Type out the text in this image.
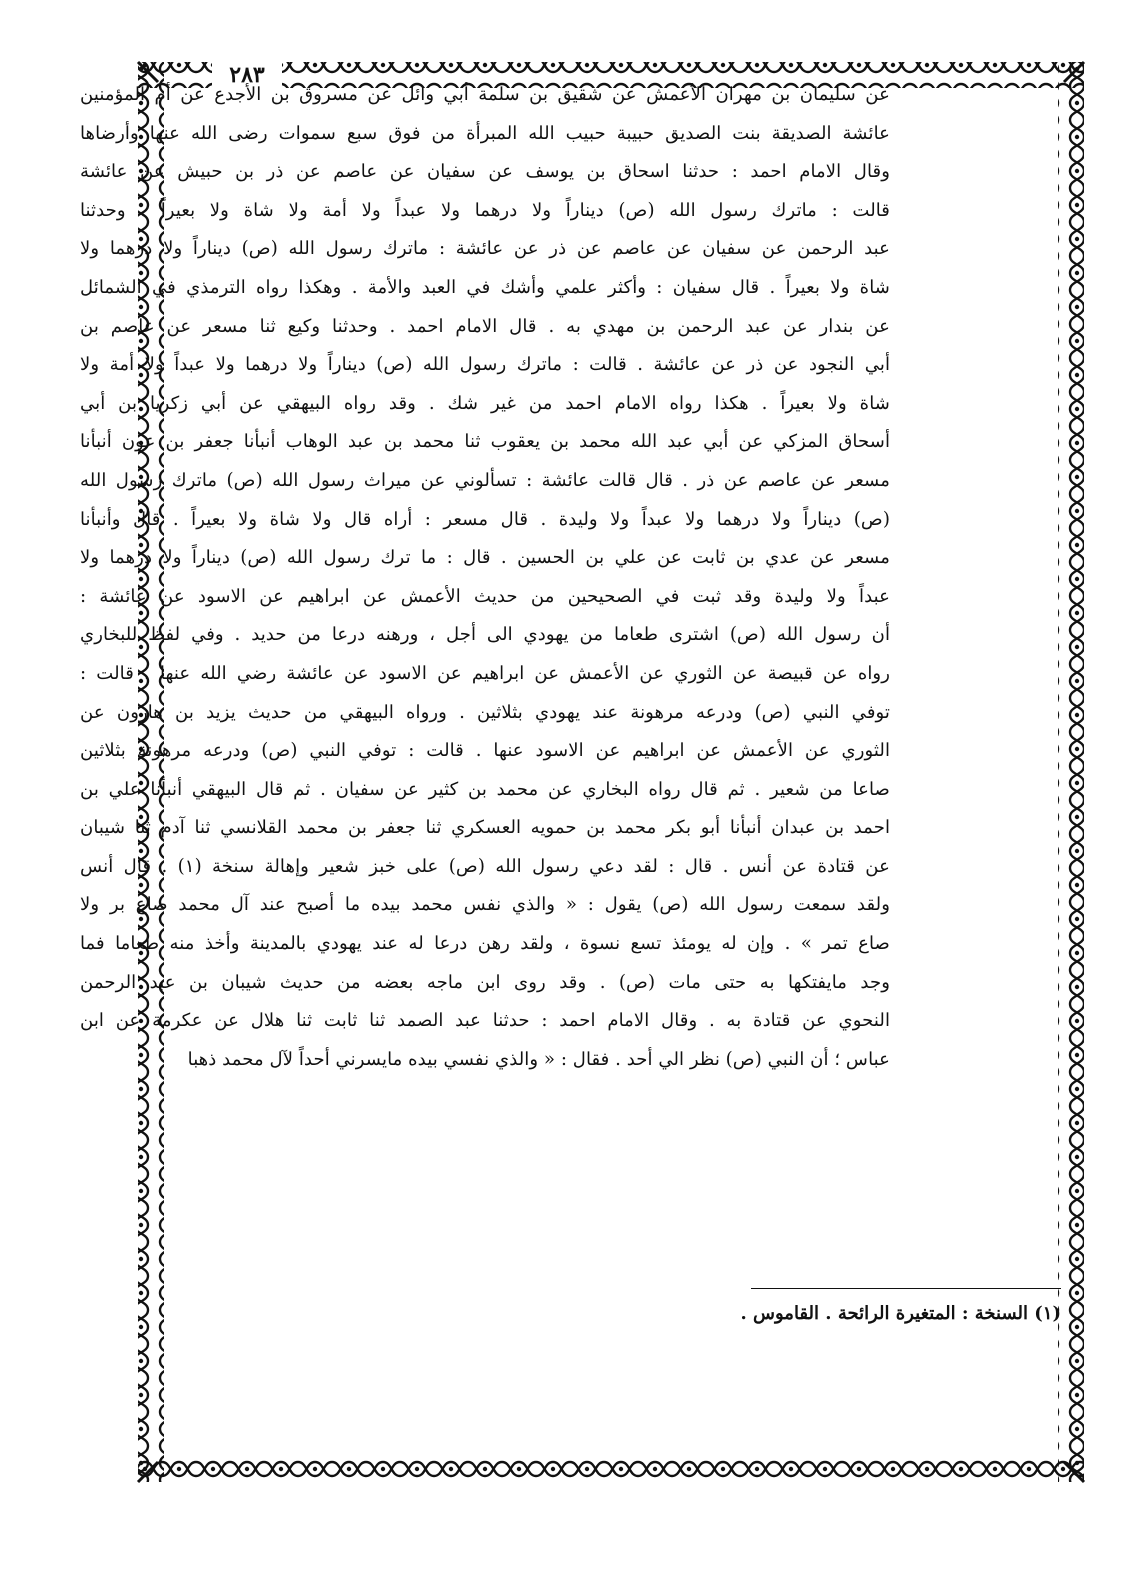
٢٨٣
عن سليمان بن مهران الأعمش عن شقيق بن سلمة أبي وائل عن مسروق بن الأجدع عن أم المؤمنين
عائشة الصديقة بنت الصديق حبيبة حبيب الله المبرأة من فوق سبع سموات رضى الله عنها وأرضاها
وقال الامام احمد : حدثنا اسحاق بن يوسف عن سفيان عن عاصم عن ذر بن حبيش عن عائشة
قالت : ماترك رسول الله (ص) ديناراً ولا درهما ولا عبداً ولا أمة ولا شاة ولا بعيراً . وحدثنا
عبد الرحمن عن سفيان عن عاصم عن ذر عن عائشة : ماترك رسول الله (ص) ديناراً ولا درهما ولا
شاة ولا بعيراً . قال سفيان : وأكثر علمي وأشك في العبد والأمة . وهكذا رواه الترمذي في الشمائل
عن بندار عن عبد الرحمن بن مهدي به . قال الامام احمد . وحدثنا وكيع ثنا مسعر عن عاصم بن
أبي النجود عن ذر عن عائشة . قالت : ماترك رسول الله (ص) ديناراً ولا درهما ولا عبداً ولا أمة ولا
شاة ولا بعيراً . هكذا رواه الامام احمد من غير شك . وقد رواه البيهقي عن أبي زكريا بن أبي
أسحاق المزكي عن أبي عبد الله محمد بن يعقوب ثنا محمد بن عبد الوهاب أنبأنا جعفر بن عون أنبأنا
مسعر عن عاصم عن ذر . قال قالت عائشة : تسألوني عن ميراث رسول الله (ص) ماترك رسول الله
(ص) ديناراً ولا درهما ولا عبداً ولا وليدة . قال مسعر : أراه قال ولا شاة ولا بعيراً . قال وأنبأنا
مسعر عن عدي بن ثابت عن علي بن الحسين . قال : ما ترك رسول الله (ص) ديناراً ولا درهما ولا
عبداً ولا وليدة وقد ثبت في الصحيحين من حديث الأعمش عن ابراهيم عن الاسود عن عائشة :
أن رسول الله (ص) اشترى طعاما من يهودي الى أجل ، ورهنه درعا من حديد . وفي لفظ للبخاري
رواه عن قبيصة عن الثوري عن الأعمش عن ابراهيم عن الاسود عن عائشة رضي الله عنها . قالت :
توفي النبي (ص) ودرعه مرهونة عند يهودي بثلاثين . ورواه البيهقي من حديث يزيد بن هارون عن
الثوري عن الأعمش عن ابراهيم عن الاسود عنها . قالت : توفي النبي (ص) ودرعه مرهونة بثلاثين
صاعا من شعير . ثم قال رواه البخاري عن محمد بن كثير عن سفيان . ثم قال البيهقي أنبأنا علي بن
احمد بن عبدان أنبأنا أبو بكر محمد بن حمويه العسكري ثنا جعفر بن محمد القلانسي ثنا آدم ثنا شيبان
عن قتادة عن أنس . قال : لقد دعي رسول الله (ص) على خبز شعير وإهالة سنخة (١) . قال أنس
ولقد سمعت رسول الله (ص) يقول : « والذي نفس محمد بيده ما أصبح عند آل محمد صاع بر ولا
صاع تمر » . وإن له يومئذ تسع نسوة ، ولقد رهن درعا له عند يهودي بالمدينة وأخذ منه طعاما فما
وجد مايفتكها به حتى مات (ص) . وقد روى ابن ماجه بعضه من حديث شيبان بن عبد الرحمن
النحوي عن قتادة به . وقال الامام احمد : حدثنا عبد الصمد ثنا ثابت ثنا هلال عن عكرمة عن ابن
عباس ؛ أن النبي (ص) نظر الي أحد . فقال : « والذي نفسي بيده مايسرني أحداً لآل محمد ذهبا
(١) السنخة : المتغيرة الرائحة . القاموس .
